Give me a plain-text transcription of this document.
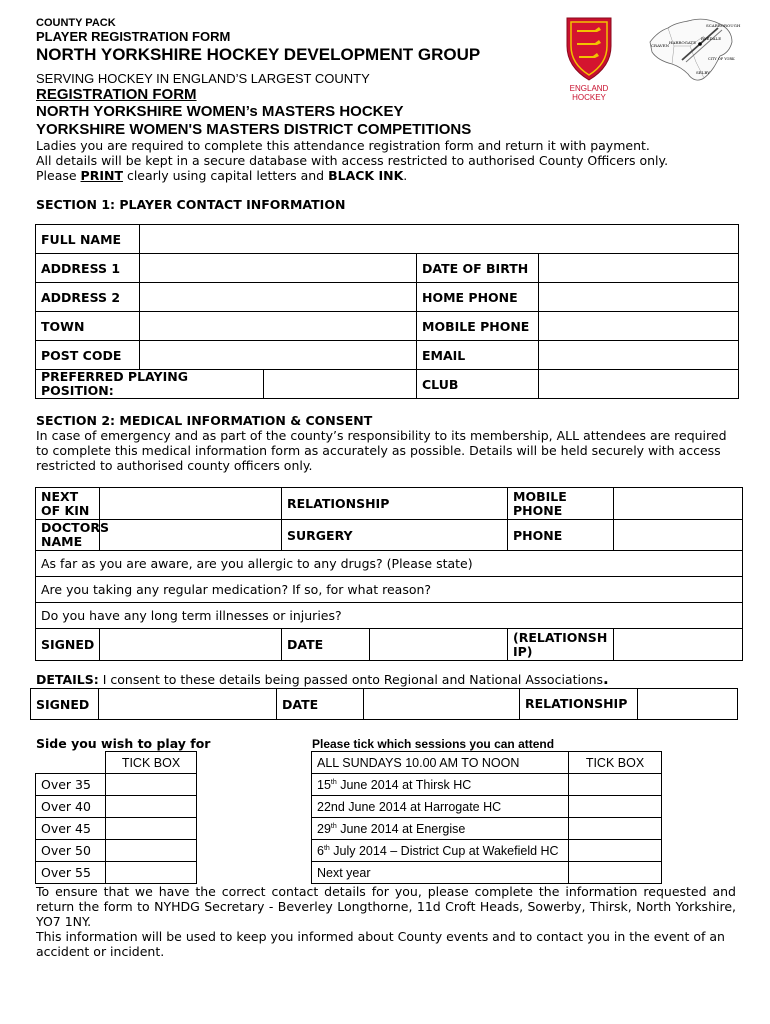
COUNTY PACK
PLAYER REGISTRATION FORM
NORTH YORKSHIRE HOCKEY DEVELOPMENT GROUP
SERVING HOCKEY IN ENGLAND’S LARGEST COUNTY
REGISTRATION FORM
NORTH YORKSHIRE WOMEN’s MASTERS HOCKEY
YORKSHIRE WOMEN'S MASTERS DISTRICT COMPETITIONS
ENGLAND
HOCKEY
SCARBOROUGH
CRAVEN
HARROGATE
RYEDALE
CITY OF YORK
SELBY
Ladies you are required to complete this attendance registration form and return it with payment.
All details will be kept in a secure database with access restricted to authorised County Officers only.
Please PRINT clearly using capital letters and BLACK INK.
SECTION 1: PLAYER CONTACT INFORMATION
FULL NAME				
ADDRESS 1			DATE OF BIRTH	
ADDRESS 2			HOME PHONE	
TOWN			MOBILE PHONE	
POST CODE			EMAIL	
PREFERRED PLAYING POSITION:			CLUB	
SECTION 2: MEDICAL INFORMATION & CONSENT
In case of emergency and as part of the county’s responsibility to its membership, ALL attendees are required to complete this medical information form as accurately as possible. Details will be held securely with access restricted to authorised county officers only.
NEXT OF KIN		RELATIONSHIP		MOBILE PHONE	
DOCTORS NAME		SURGERY		PHONE	
As far as you are aware, are you allergic to any drugs? (Please state)					
Are you taking any regular medication? If so, for what reason?					
Do you have any long term illnesses or injuries?					
SIGNED		DATE		(RELATIONSHIP)	
DETAILS: I consent to these details being passed onto Regional and National Associations.
SIGNED		DATE		RELATIONSHIP	
Side you wish to play for	Please tick which sessions you can attend
	TICK BOX
Over 35	
Over 40	
Over 45	
Over 50	
Over 55	
ALL SUNDAYS 10.00 AM TO NOON	TICK BOX
15th June 2014 at Thirsk HC	
22nd June 2014 at Harrogate HC	
29th June 2014 at Energise	
6th July 2014 – District Cup at Wakefield HC	
Next year	
To ensure that we have the correct contact details for you, please complete the information requested and return the form to NYHDG Secretary - Beverley Longthorne, 11d Croft Heads, Sowerby, Thirsk, North Yorkshire, YO7 1NY.
This information will be used to keep you informed about County events and to contact you in the event of an accident or incident.
